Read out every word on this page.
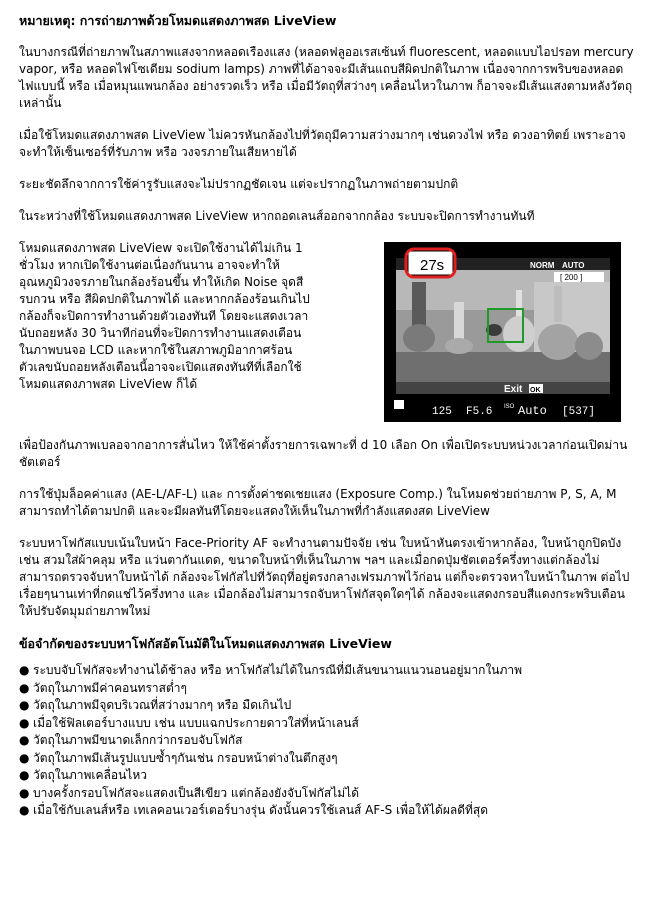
หมายเหตุ: การถ่ายภาพด้วยโหมดแสดงภาพสด LiveView

ในบางกรณีที่ถ่ายภาพในสภาพแสงจากหลอดเรืองแสง (หลอดฟลูออเรสเซ้นท์ fluorescent, หลอดแบบไอปรอท mercury vapor, หรือ หลอดไฟโซเดียม sodium lamps) ภาพที่ได้อาจจะมีเส้นแถบสีผิดปกติในภาพ เนื่องจากการพริบของหลอดไฟแบบนี้ หรือ เมื่อหมุนแพนกล้อง อย่างรวดเร็ว หรือ เมื่อมีวัตถุที่สว่างๆ เคลื่อนไหวในภาพ ก็อาจจะมีเส้นแสงตามหลังวัตถุเหล่านั้น

เมื่อใช้โหมดแสดงภาพสด LiveView ไม่ควรหันกล้องไปที่วัตถุมีความสว่างมากๆ เช่นดวงไฟ หรือ ดวงอาทิตย์ เพราะอาจจะทำให้เซ็นเซอร์ที่รับภาพ หรือ วงจรภายในเสียหายได้

ระยะชัดลึกจากการใช้ค่ารูรับแสงจะไม่ปรากฏชัดเจน แต่จะปรากฏในภาพถ่ายตามปกติ

ในระหว่างที่ใช้โหมดแสดงภาพสด LiveView หากถอดเลนส์ออกจากกล้อง ระบบจะปิดการทำงานทันที

โหมดแสดงภาพสด LiveView จะเปิดใช้งานได้ไม่เกิน 1 ชั่วโมง หากเปิดใช้งานต่อเนื่องกันนาน อาจจะทำให้อุณหภูมิวงจรภายในกล้องร้อนขึ้น ทำให้เกิด Noise จุดสีรบกวน หรือ สีผิดปกติในภาพได้ และหากกล้องร้อนเกินไป กล้องก็จะปิดการทำงานด้วยตัวเองทันที โดยจะแสดงเวลานับถอยหลัง 30 วินาทีก่อนที่จะปิดการทำงานแสดงเตือนในภาพบนจอ LCD และหากใช้ในสภาพภูมิอากาศร้อนตัวเลขนับถอยหลังเตือนนี้อาจจะเปิดแสดงทันทีที่เลือกใช้โหมดแสดงภาพสด LiveView ก็ได้

27s	NORM AUTO
[ 200 ]
Exit OK
125 F5.6 ISO Auto [537]

เพื่อป้องกันภาพเบลอจากอาการสั่นไหว ให้ใช้ค่าตั้งรายการเฉพาะที่ d 10 เลือก On เพื่อเปิดระบบหน่วงเวลาก่อนเปิดม่านชัตเตอร์

การใช้ปุ่มล็อคค่าแสง (AE-L/AF-L) และ การตั้งค่าชดเชยแสง (Exposure Comp.) ในโหมดช่วยถ่ายภาพ P, S, A, M สามารถทำได้ตามปกติ และจะมีผลทันทีโดยจะแสดงให้เห็นในภาพที่กำลังแสดงสด LiveView

ระบบหาโฟกัสแบบเน้นใบหน้า Face-Priority AF จะทำงานตามปัจจัย เช่น ใบหน้าหันตรงเข้าหากล้อง, ใบหน้าถูกปิดบังเช่น สวมใส่ผ้าคลุม หรือ แว่นตากันแดด, ขนาดใบหน้าที่เห็นในภาพ ฯลฯ และเมื่อกดปุ่มชัตเตอร์ครึ่งทางแต่กล้องไม่สามารถตรวจจับหาใบหน้าได้ กล้องจะโฟกัสไปที่วัตถุที่อยู่ตรงกลางเฟรมภาพไว้ก่อน แต่ก็จะตรวจหาใบหน้าในภาพ ต่อไปเรื่อยๆนานเท่าที่กดแช่ไว้ครึ่งทาง และ เมื่อกล้องไม่สามารถจับหาโฟกัสจุดใดๆได้ กล้องจะแสดงกรอบสีแดงกระพริบเตือนให้ปรับจัดมุมถ่ายภาพใหม่

ข้อจำกัดของระบบหาโฟกัสอัตโนมัติในโหมดแสดงภาพสด LiveView

● ระบบจับโฟกัสจะทำงานได้ช้าลง หรือ หาโฟกัสไม่ได้ในกรณีที่มีเส้นขนานแนวนอนอยู่มากในภาพ
● วัตถุในภาพมีค่าคอนทราสต่ำๆ
● วัตถุในภาพมีจุดบริเวณที่สว่างมากๆ หรือ มืดเกินไป
● เมื่อใช้ฟิลเตอร์บางแบบ เช่น แบบแฉกประกายดาวใส่ที่หน้าเลนส์
● วัตถุในภาพมีขนาดเล็กกว่ากรอบจับโฟกัส
● วัตถุในภาพมีเส้นรูปแบบซ้ำๆกันเช่น กรอบหน้าต่างในตึกสูงๆ
● วัตถุในภาพเคลื่อนไหว
● บางครั้งกรอบโฟกัสจะแสดงเป็นสีเขียว แต่กล้องยังจับโฟกัสไม่ได้
● เมื่อใช้กับเลนส์หรือ เทเลคอนเวอร์เตอร์บางรุ่น ดังนั้นควรใช้เลนส์ AF-S เพื่อให้ได้ผลดีที่สุด
